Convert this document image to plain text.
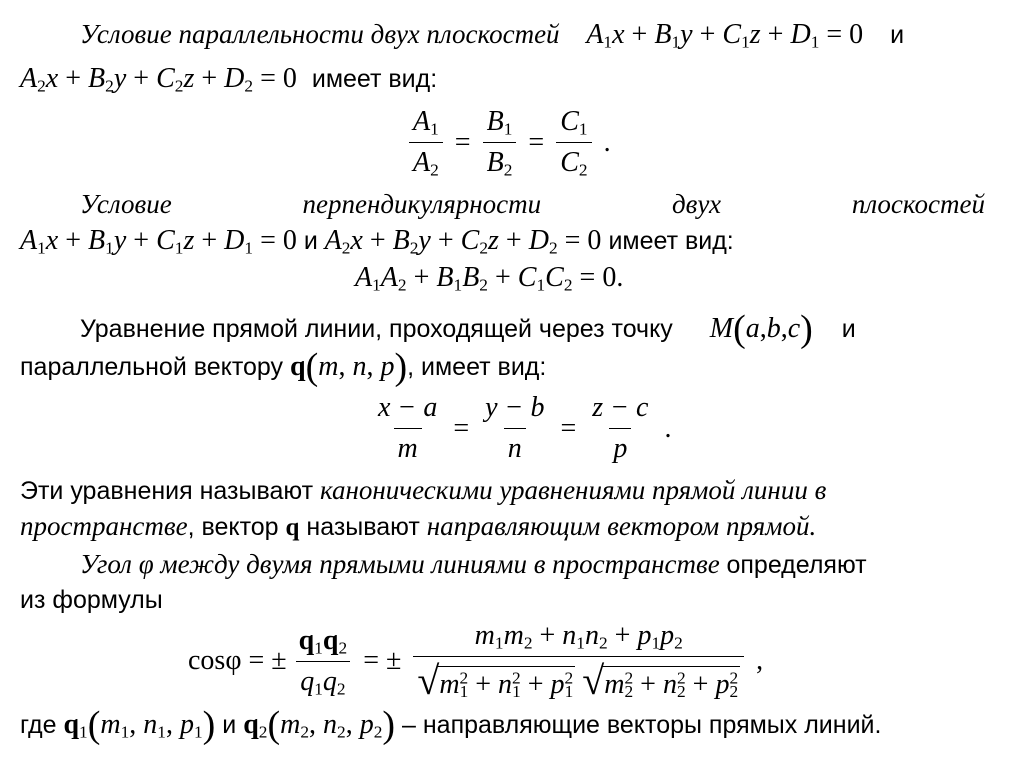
Условие параллельности двух плоскостей $A_1x + B_1y + C_1z + D_1 = 0$ и
$A_2x + B_2y + C_2z + D_2 = 0$ имеет вид:
$\frac{A_1}{A_2} = \frac{B_1}{B_2} = \frac{C_1}{C_2}$ .
Условие	перпендикулярности	двух	плоскостей
$A_1x + B_1y + C_1z + D_1 = 0$ и $A_2x + B_2y + C_2z + D_2 = 0$ имеет вид:
$A_1A_2 + B_1B_2 + C_1C_2 = 0$.
Уравнение прямой линии, проходящей через точку M(a,b,c) и
параллельной вектору q(m, n, p), имеет вид:
$\frac{x - a}{m} = \frac{y - b}{n} = \frac{z - c}{p}$ .
Эти уравнения называют каноническими уравнениями прямой линии в
пространстве, вектор q называют направляющим вектором прямой.
Угол φ между двумя прямыми линиями в пространстве определяют
из формулы
cosφ = ± $\frac{q_1q_2}{q_1q_2}$ = ± $m_1m_2 + n_1n_2 + p_1p_2$
√ $m^2_1 + n^2_1 + p^2_1$
√ $m^2_2 + n^2_2 + p^2_2$ ,
где $q_1(m_1$, $n_1$, $p_1$) и $q_2(m_2$, $n_2$, $p_2$) – направляющие векторы прямых линий.
